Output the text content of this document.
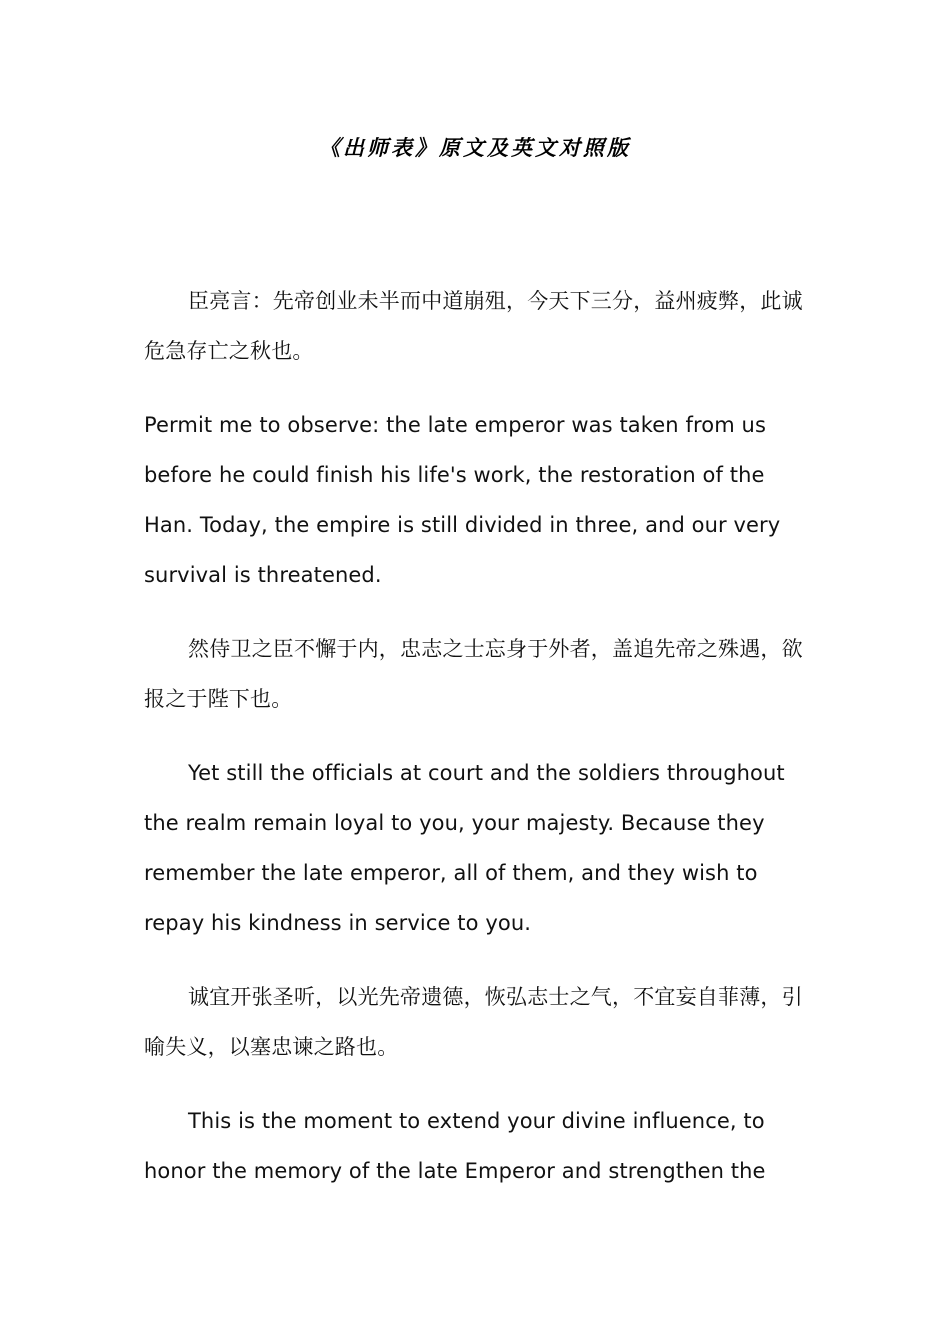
《出师表》原文及英文对照版

臣亮言：先帝创业未半而中道崩殂，今天下三分，益州疲弊，此诚危急存亡之秋也。

Permit me to observe: the late emperor was taken from us before he could finish his life's work, the restoration of the Han. Today, the empire is still divided in three, and our very survival is threatened.

然侍卫之臣不懈于内，忠志之士忘身于外者，盖追先帝之殊遇，欲报之于陛下也。

Yet still the officials at court and the soldiers throughout the realm remain loyal to you, your majesty. Because they remember the late emperor, all of them, and they wish to repay his kindness in service to you.

诚宜开张圣听，以光先帝遗德，恢弘志士之气，不宜妄自菲薄，引喻失义，以塞忠谏之路也。

This is the moment to extend your divine influence, to honor the memory of the late Emperor and strengthen the
